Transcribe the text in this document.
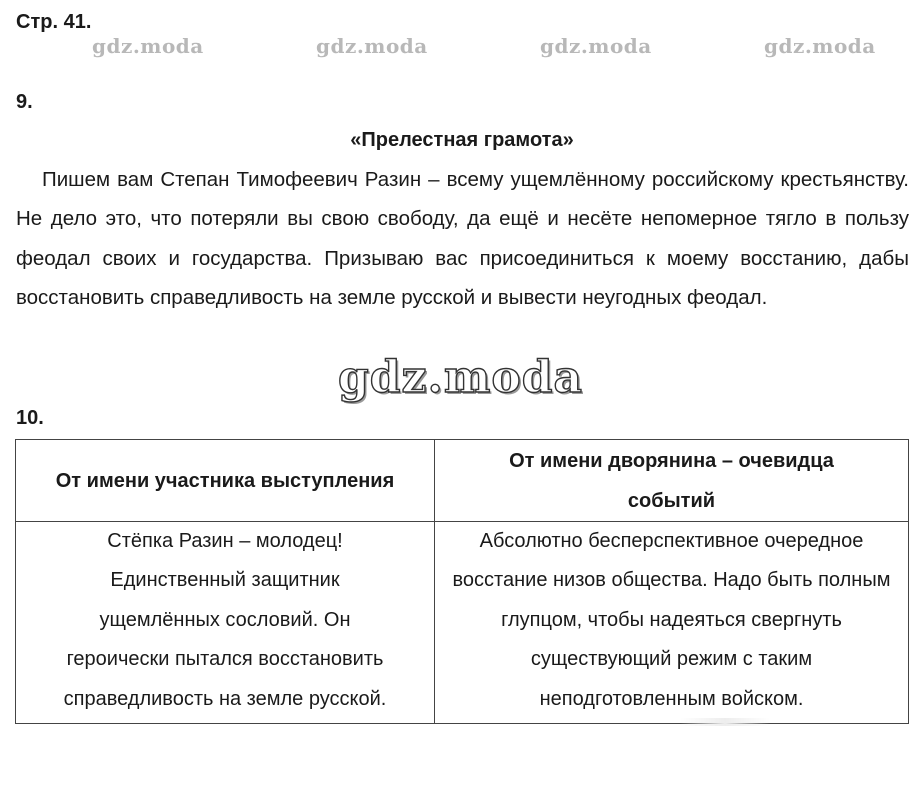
Стр. 41.
gdz.moda	gdz.moda	gdz.moda	gdz.moda
9.
«Прелестная грамота»

Пишем вам Степан Тимофеевич Разин – всему ущемлённому российскому крестьянству. Не дело это, что потеряли вы свою свободу, да ещё и несёте непомерное тягло в пользу феодал своих и государства. Призываю вас присоединиться к моему восстанию, дабы восстановить справедливость на земле русской и вывести неугодных феодал.

gdz.moda
10.
От имени участника выступления	От имени дворянина – очевидца событий

Стёпка Разин – молодец! Единственный защитник ущемлённых сословий. Он героически пытался восстановить справедливость на земле русской.	Абсолютно бесперспективное очередное восстание низов общества. Надо быть полным глупцом, чтобы надеяться свергнуть существующий режим с таким неподготовленным войском.
